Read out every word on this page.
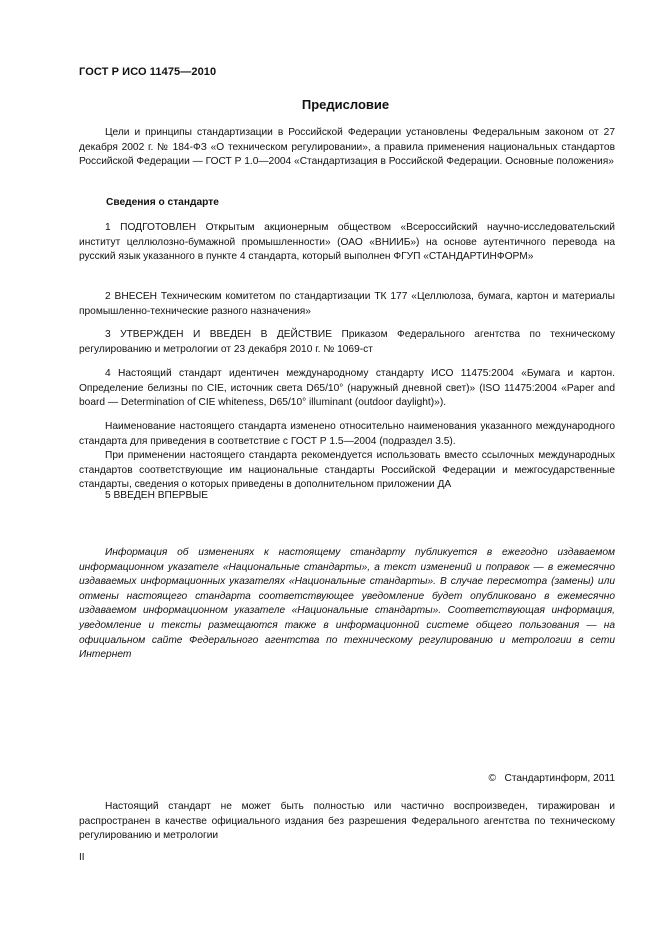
ГОСТ Р ИСО 11475—2010
Предисловие

Цели и принципы стандартизации в Российской Федерации установлены Федеральным законом от 27 декабря 2002 г. № 184-ФЗ «О техническом регулировании», а правила применения национальных стандартов Российской Федерации — ГОСТ Р 1.0—2004 «Стандартизация в Российской Федерации. Основные положения»

Сведения о стандарте

1 ПОДГОТОВЛЕН Открытым акционерным обществом «Всероссийский научно-исследовательский институт целлюлозно-бумажной промышленности» (ОАО «ВНИИБ») на основе аутентичного перевода на русский язык указанного в пункте 4 стандарта, который выполнен ФГУП «СТАНДАРТИНФОРМ»

2 ВНЕСЕН Техническим комитетом по стандартизации ТК 177 «Целлюлоза, бумага, картон и материалы промышленно-технические разного назначения»

3 УТВЕРЖДЕН И ВВЕДЕН В ДЕЙСТВИЕ Приказом Федерального агентства по техническому регулированию и метрологии от 23 декабря 2010 г. № 1069-ст

4 Настоящий стандарт идентичен международному стандарту ИСО 11475:2004 «Бумага и картон. Определение белизны по CIE, источник света D65/10° (наружный дневной свет)» (ISO 11475:2004 «Paper and board — Determination of CIE whiteness, D65/10° illuminant (outdoor daylight)»).

Наименование настоящего стандарта изменено относительно наименования указанного международного стандарта для приведения в соответствие с ГОСТ Р 1.5—2004 (подраздел 3.5).

При применении настоящего стандарта рекомендуется использовать вместо ссылочных международных стандартов соответствующие им национальные стандарты Российской Федерации и межгосударственные стандарты, сведения о которых приведены в дополнительном приложении ДА

5 ВВЕДЕН ВПЕРВЫЕ

Информация об изменениях к настоящему стандарту публикуется в ежегодно издаваемом информационном указателе «Национальные стандарты», а текст изменений и поправок — в ежемесячно издаваемых информационных указателях «Национальные стандарты». В случае пересмотра (замены) или отмены настоящего стандарта соответствующее уведомление будет опубликовано в ежемесячно издаваемом информационном указателе «Национальные стандарты». Соответствующая информация, уведомление и тексты размещаются также в информационной системе общего пользования — на официальном сайте Федерального агентства по техническому регулированию и метрологии в сети Интернет

©   Стандартинформ, 2011

Настоящий стандарт не может быть полностью или частично воспроизведен, тиражирован и распространен в качестве официального издания без разрешения Федерального агентства по техническому регулированию и метрологии

II
